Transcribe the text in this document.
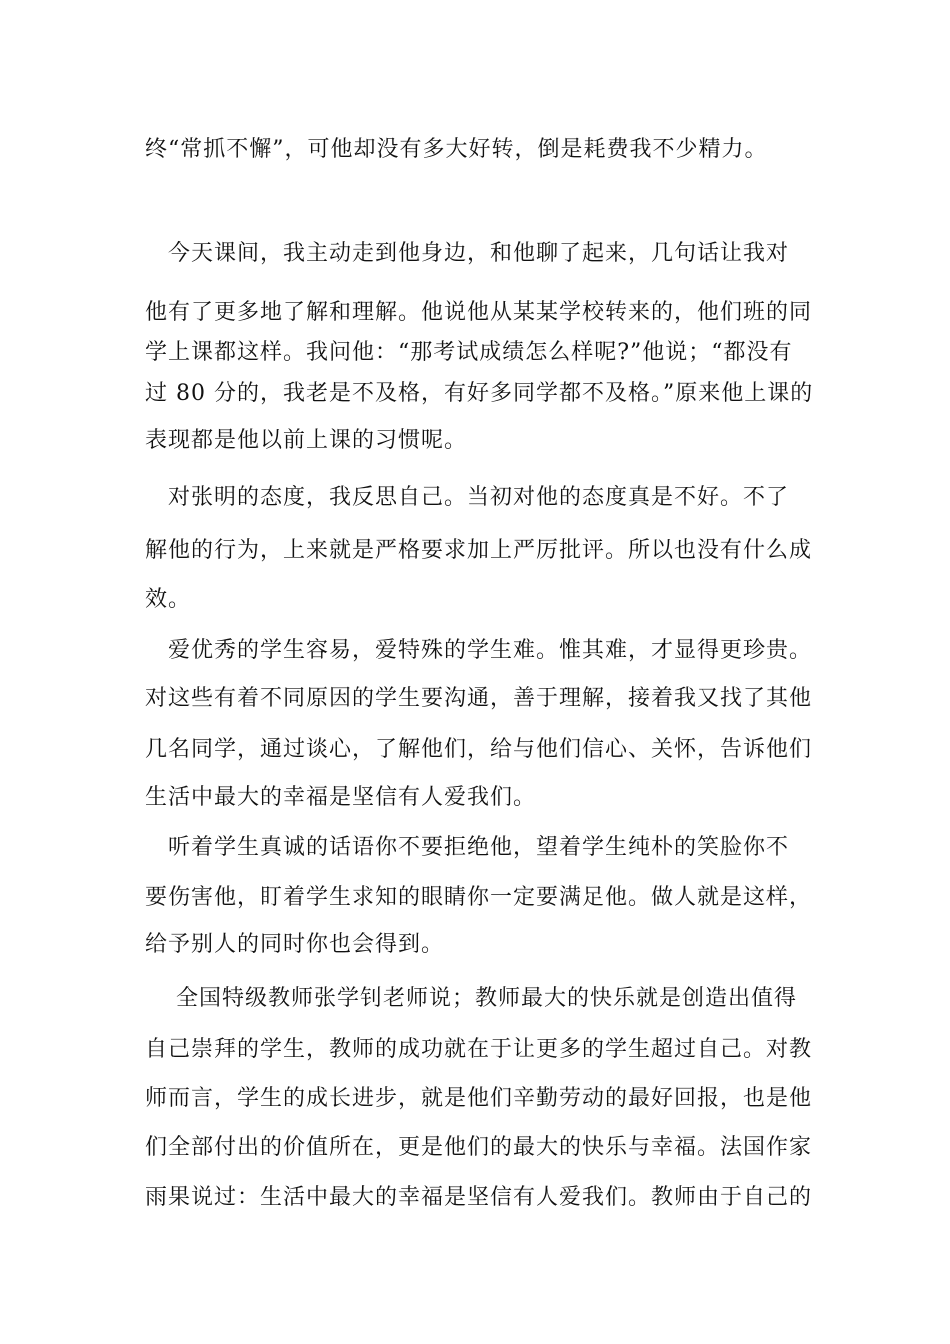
终“常抓不懈”，可他却没有多大好转，倒是耗费我不少精力。

　今天课间，我主动走到他身边，和他聊了起来，几句话让我对

他有了更多地了解和理解。他说他从某某学校转来的，他们班的同

学上课都这样。我问他：“那考试成绩怎么样呢?”他说；“都没有

过 80 分的，我老是不及格，有好多同学都不及格。”原来他上课的

表现都是他以前上课的习惯呢。

　对张明的态度，我反思自己。当初对他的态度真是不好。不了

解他的行为，上来就是严格要求加上严厉批评。所以也没有什么成

效。

　爱优秀的学生容易，爱特殊的学生难。惟其难，才显得更珍贵。

对这些有着不同原因的学生要沟通，善于理解，接着我又找了其他

几名同学，通过谈心，了解他们，给与他们信心、关怀，告诉他们

生活中最大的幸福是坚信有人爱我们。

　听着学生真诚的话语你不要拒绝他，望着学生纯朴的笑脸你不

要伤害他，盯着学生求知的眼睛你一定要满足他。做人就是这样，

给予别人的同时你也会得到。

　 全国特级教师张学钊老师说；教师最大的快乐就是创造出值得

自己崇拜的学生，教师的成功就在于让更多的学生超过自己。对教

师而言，学生的成长进步，就是他们辛勤劳动的最好回报，也是他

们全部付出的价值所在，更是他们的最大的快乐与幸福。法国作家

雨果说过：生活中最大的幸福是坚信有人爱我们。教师由于自己的
